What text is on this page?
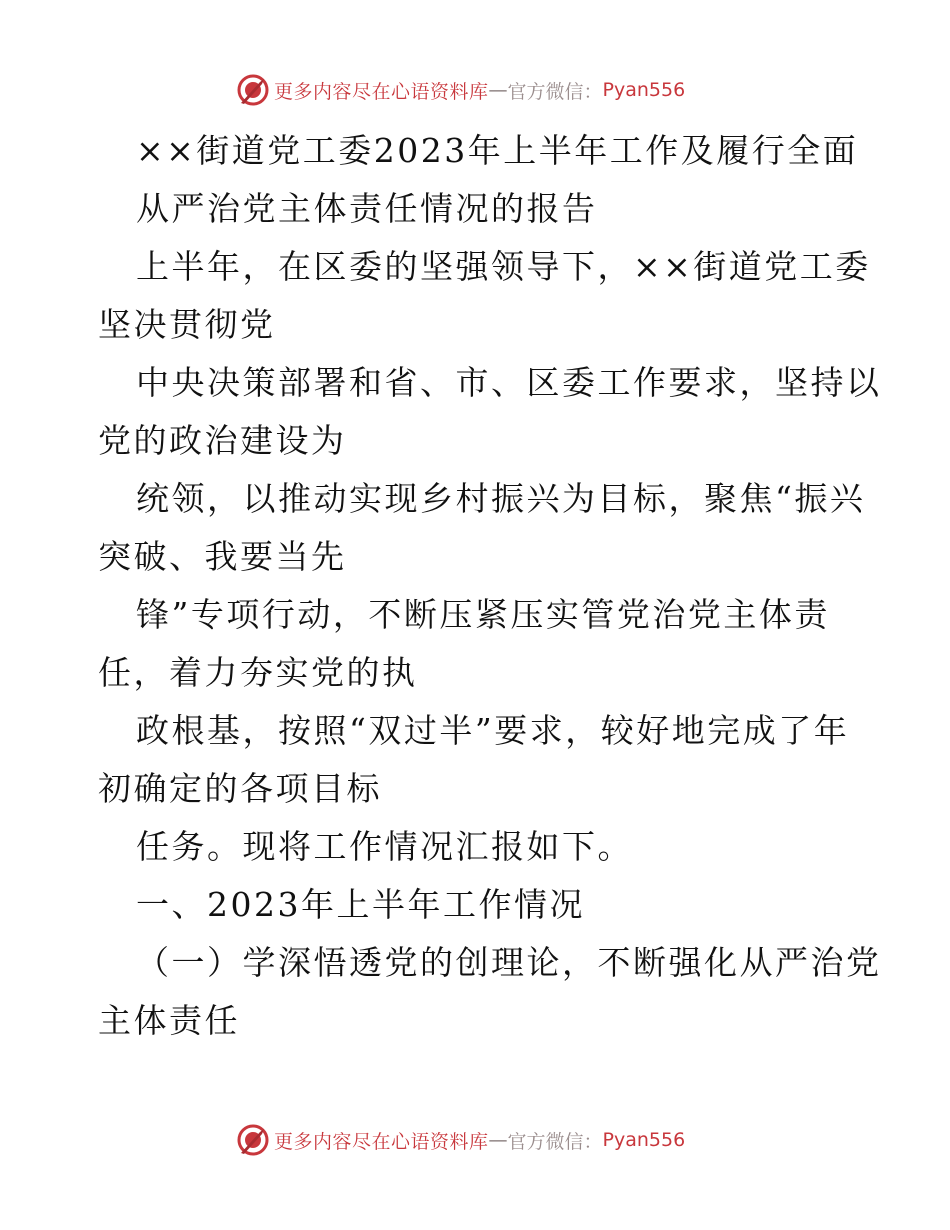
更多内容尽在心语资料库 — 官方微信： Pyan556
××街道党工委2023年上半年工作及履行全面
从严治党主体责任情况的报告
上半年，在区委的坚强领导下，××街道党工委
坚决贯彻党
中央决策部署和省、市、区委工作要求，坚持以
党的政治建设为
统领，以推动实现乡村振兴为目标，聚焦“振兴
突破、我要当先
锋”专项行动，不断压紧压实管党治党主体责
任，着力夯实党的执
政根基，按照“双过半”要求，较好地完成了年
初确定的各项目标
任务。现将工作情况汇报如下。
一、2023年上半年工作情况
（一）学深悟透党的创理论，不断强化从严治党
主体责任
更多内容尽在心语资料库 — 官方微信： Pyan556
